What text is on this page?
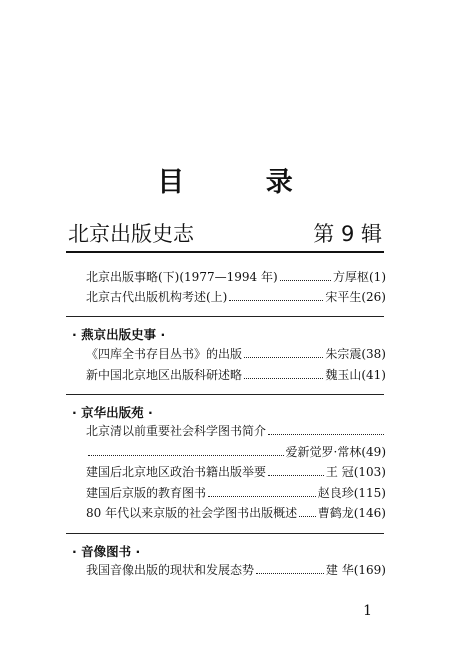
目 录
北京出版史志	第 9 辑
北京出版事略(下)(1977—1994 年)	方厚枢(1)
北京古代出版机构考述(上)	宋平生(26)
· 燕京出版史事 ·
《四库全书存目丛书》的出版	朱宗震(38)
新中国北京地区出版科研述略	魏玉山(41)
· 京华出版苑 ·
北京清以前重要社会科学图书简介
爱新觉罗·常林(49)
建国后北京地区政治书籍出版举要	王 冠(103)
建国后京版的教育图书	赵良珍(115)
80 年代以来京版的社会学图书出版概述 曹鹤龙(146)
· 音像图书 ·
我国音像出版的现状和发展态势	建 华(169)
1
